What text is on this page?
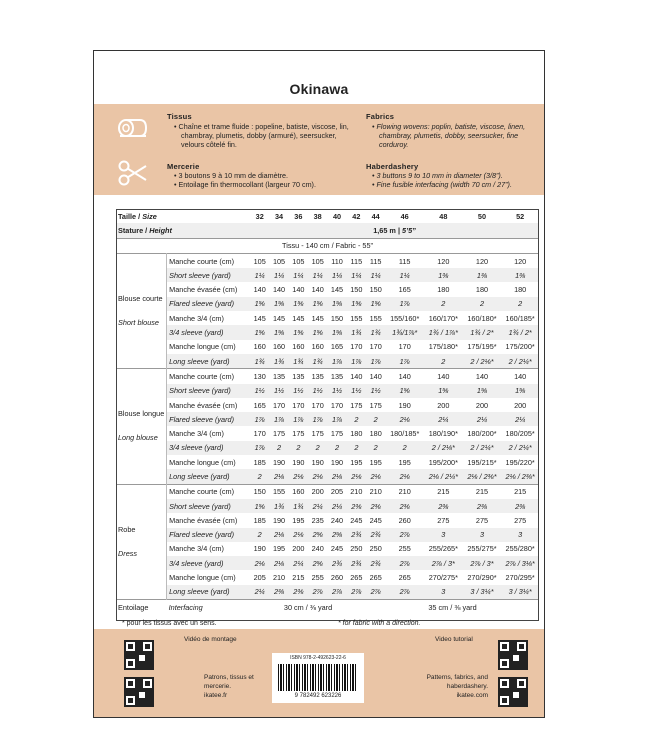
Okinawa
Tissus
• Chaîne et trame fluide : popeline, batiste, viscose, lin, chambray, plumetis, dobby (armuré), seersucker, velours côtelé fin.
Fabrics
• Flowing wovens: poplin, batiste, viscose, linen, chambray, plumetis, dobby, seersucker, fine corduroy.
Mercerie
• 3 boutons 9 à 10 mm de diamètre.
• Entoilage fin thermocollant (largeur 70 cm).
Haberdashery
• 3 buttons 9 to 10 mm in diameter (3/8”).
• Fine fusible interfacing (width 70 cm / 27”).
Taille / Size		32	34	36	38	40	42	44	46	48	50	52
Stature / Height		1,65 m | 5’5”										
Tissu - 140 cm / Fabric - 55”												

Blouse courte
Short blouse	Manche courte (cm)	105	105	105	105	110	115	115	115	120	120	120
	Short sleeve (yard)	1¼	1¼	1¼	1¼	1¼	1¼	1¼	1¼	1⅜	1⅜	1⅜
	Manche évasée (cm)	140	140	140	140	145	150	150	165	180	180	180
	Flared sleeve (yard)	1⅝	1⅝	1⅝	1⅝	1⅝	1⅝	1⅝	1⅞	2	2	2
	Manche 3/4 (cm)	145	145	145	145	150	155	155	155/160*	160/170*	160/180*	160/185*
	3/4 sleeve (yard)	1⅝	1⅝	1⅝	1⅝	1⅝	1¾	1¾	1¾/1⅞*	1¾ / 1⅞*	1¾ / 2*	1¾ / 2*
	Manche longue (cm)	160	160	160	160	165	170	170	170	175/180*	175/195*	175/200*
	Long sleeve (yard)	1¾	1¾	1¾	1¾	1⅞	1⅞	1⅞	1⅞	2	2 / 2⅛*	2 / 2¼*

Blouse longue
Long blouse	Manche courte (cm)	130	135	135	135	135	140	140	140	140	140	140
	Short sleeve (yard)	1½	1½	1½	1½	1½	1½	1½	1⅝	1⅝	1⅝	1⅝
	Manche évasée (cm)	165	170	170	170	170	175	175	190	200	200	200
	Flared sleeve (yard)	1⅞	1⅞	1⅞	1⅞	1⅞	2	2	2⅛	2¼	2¼	2¼
	Manche 3/4 (cm)	170	175	175	175	175	180	180	180/185*	180/190*	180/200*	180/205*
	3/4 sleeve (yard)	1⅞	2	2	2	2	2	2	2	2 / 2⅛*	2 / 2¼*	2 / 2¼*
	Manche longue (cm)	185	190	190	190	190	195	195	195	195/200*	195/215*	195/220*
	Long sleeve (yard)	2	2⅛	2⅛	2⅛	2⅛	2⅛	2⅛	2⅛	2⅛ / 2¼*	2⅛ / 2⅜*	2⅛ / 2⅜*

Robe
Dress	Manche courte (cm)	150	155	160	200	205	210	210	210	215	215	215
	Short sleeve (yard)	1⅝	1¾	1¾	2¼	2¼	2⅜	2⅜	2⅜	2⅜	2⅜	2⅜
	Manche évasée (cm)	185	190	195	235	240	245	245	260	275	275	275
	Flared sleeve (yard)	2	2⅛	2⅛	2⅝	2⅝	2¾	2¾	2⅞	3	3	3
	Manche 3/4 (cm)	190	195	200	240	245	250	250	255	255/265*	255/275*	255/280*
	3/4 sleeve (yard)	2⅛	2⅛	2¼	2⅝	2¾	2¾	2¾	2⅞	2⅞ / 3*	2⅞ / 3*	2⅞ / 3⅛*
	Manche longue (cm)	205	210	215	255	260	265	265	265	270/275*	270/290*	270/295*
	Long sleeve (yard)	2¼	2⅜	2⅜	2⅞	2⅞	2⅞	2⅞	2⅞	3	3 / 3¼*	3 / 3¼*
Entoilage	Interfacing	30 cm / ⅜ yard						35 cm / ⅜ yard				
* pour les tissus avec un sens.	* for fabric with a direction.
Vidéo de montage
Patrons, tissus et
mercerie.
ikatee.fr
ISBN 978-2-492623-22-6
9 782492 623226
Video tutorial
Patterns, fabrics, and
haberdashery.
ikatee.com
